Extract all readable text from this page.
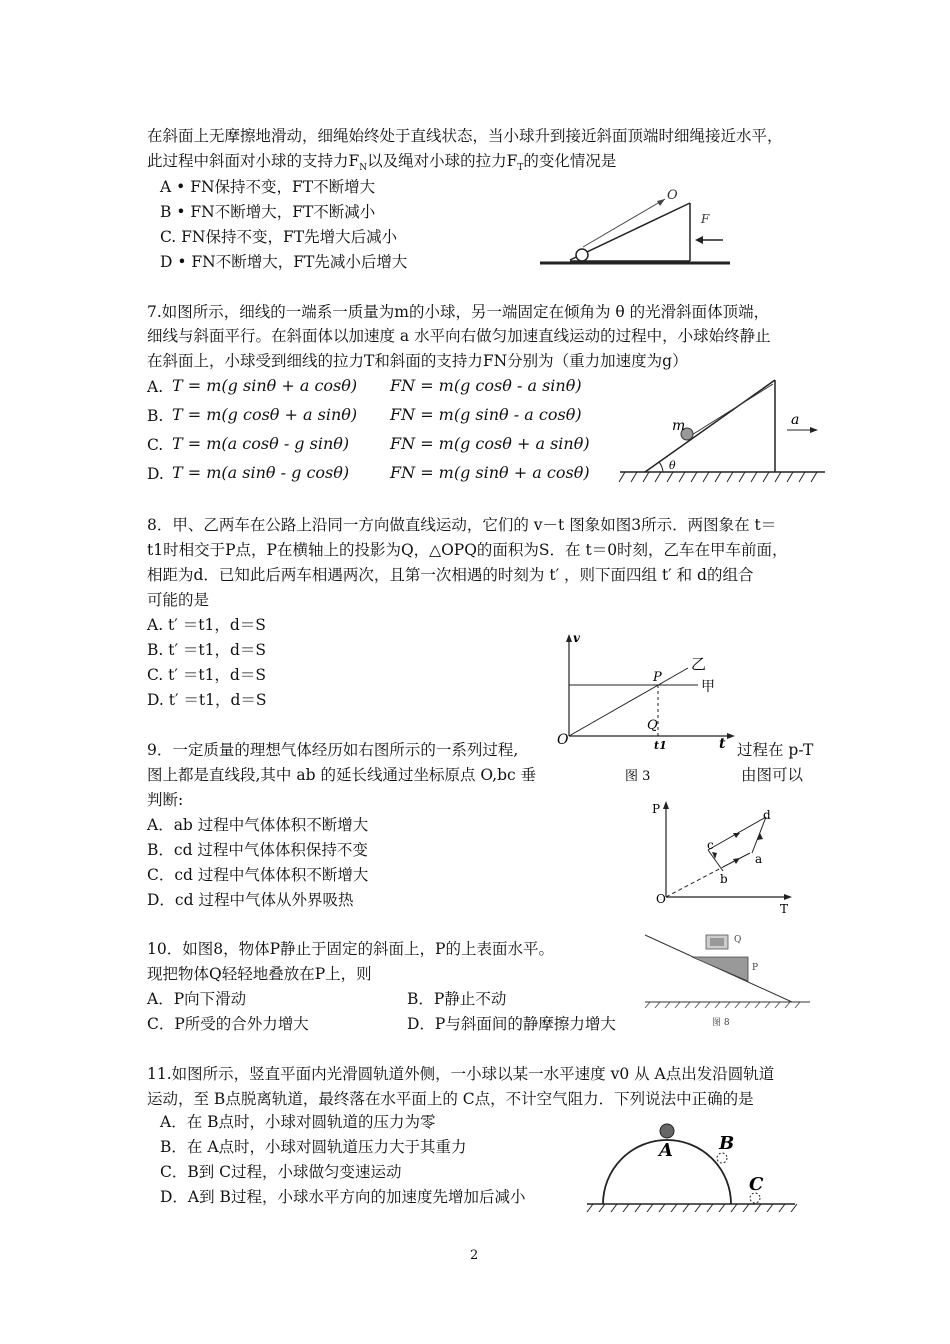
在斜面上无摩擦地滑动，细绳始终处于直线状态，当小球升到接近斜面顶端时细绳接近水平，
此过程中斜面对小球的支持力$F_N$以及绳对小球的拉力$F_T$的变化情况是
A • FN保持不变，FT不断增大
B • FN不断增大，FT不断减小
C. FN保持不变，FT先增大后减小
D • FN不断增大，FT先减小后增大
O
F
7.如图所示，细线的一端系一质量为m的小球，另一端固定在倾角为 θ 的光滑斜面体顶端，
细线与斜面平行。在斜面体以加速度 a 水平向右做匀加速直线运动的过程中，小球始终静止
在斜面上，小球受到细线的拉力T和斜面的支持力FN分别为（重力加速度为g）
A. T = m(g sinθ + a cosθ) FN = m(g cosθ - a sinθ)
B. T = m(g cosθ + a sinθ) FN = m(g sinθ - a cosθ)
C. T = m(a cosθ - g sinθ)	FN = m(g cosθ + a sinθ)
D. T = m(a sinθ - g cosθ)	FN = m(g sinθ + a cosθ)
m	a
θ
8．甲、乙两车在公路上沿同一方向做直线运动，它们的 v－t 图象如图3所示．两图象在 t＝
t1时相交于P点，P在横轴上的投影为Q，△OPQ的面积为S．在 t＝0时刻，乙车在甲车前面，
相距为d．已知此后两车相遇两次，且第一次相遇的时刻为 t′ ，则下面四组 t′ 和 d的组合
可能的是
A. t′ ＝t1，d＝S
B. t′ ＝t1，d＝S
C. t′ ＝t1，d＝S
D. t′ ＝t1，d＝S
v
t
O
甲
乙
P
Q
t1
图 3
9．一定质量的理想气体经历如右图所示的一系列过程,	过程在 p-T
图上都是直线段,其中 ab 的延长线通过坐标原点 O,bc 垂	由图可以
判断:
A．ab 过程中气体体积不断增大
B．cd 过程中气体体积保持不变
C．cd 过程中气体体积不断增大
D．cd 过程中气体从外界吸热
P
T
O
a
b
c
d
10．如图8，物体P静止于固定的斜面上，P的上表面水平。
现把物体Q轻轻地叠放在P上，则
A．P向下滑动	B．P静止不动
C．P所受的合外力增大	D．P与斜面间的静摩擦力增大
Q
P
图 8
11.如图所示，竖直平面内光滑圆轨道外侧，一小球以某一水平速度 v0 从 A点出发沿圆轨道
运动，至 B点脱离轨道，最终落在水平面上的 C点，不计空气阻力．下列说法中正确的是
A．在 B点时，小球对圆轨道的压力为零
B．在 A点时，小球对圆轨道压力大于其重力
C．B到 C过程，小球做匀变速运动
D．A到 B过程，小球水平方向的加速度先增加后减小
A	B
C
2
